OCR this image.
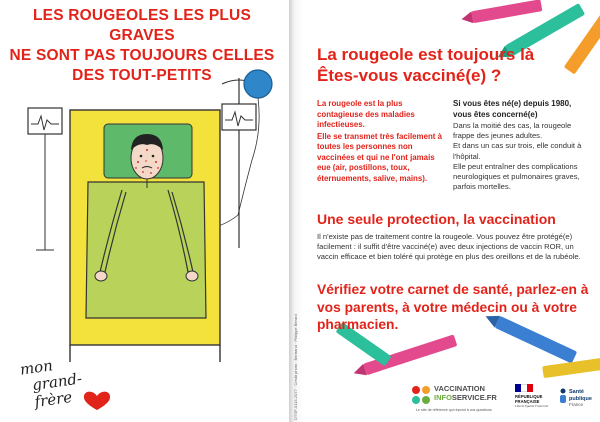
LES ROUGEOLES LES PLUS GRAVES
NE SONT PAS TOUJOURS CELLES
DES TOUT-PETITS
mon
grand-frère	DTSP-0115-2077 · Crédit photo : Bertrand · Philippe Bérard
La rougeole est toujours là
Êtes-vous vacciné(e) ?

La rougeole est la plus contagieuse des maladies infectieuses.

Elle se transmet très facilement à toutes les personnes non vaccinées et qui ne l'ont jamais eue (air, postillons, toux, éternuements, salive, mains).

Si vous êtes né(e) depuis 1980, vous êtes concerné(e)

Dans la moitié des cas, la rougeole frappe des jeunes adultes.

Et dans un cas sur trois, elle conduit à l'hôpital.

Elle peut entraîner des complications neurologiques et pulmonaires graves, parfois mortelles.

Une seule protection, la vaccination
Il n'existe pas de traitement contre la rougeole. Vous pouvez être protégé(e) facilement : il suffit d'être vacciné(e) avec deux injections de vaccin ROR, un vaccin efficace et bien toléré qui protège en plus des oreillons et de la rubéole.
Vérifiez votre carnet de santé, parlez-en à vos parents, à votre médecin ou à votre pharmacien.
VACCINATION
INFOSERVICE.FR
Le site de référence qui répond à vos questions
RÉPUBLIQUE
FRANÇAISE
Liberté Égalité Fraternité
Santé
publique
France
